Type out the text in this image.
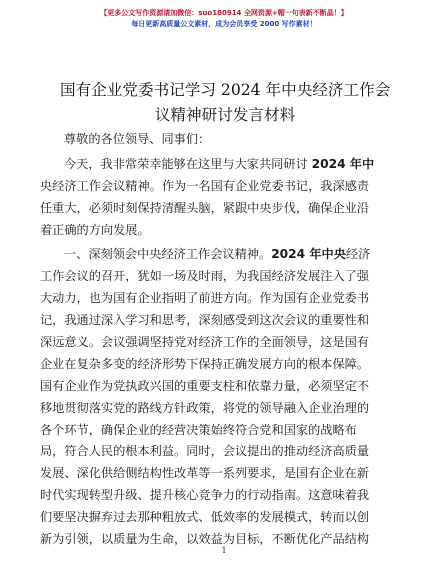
【更多公文写作资源请加微信：suo180914 全网资源+帽一句表新不断晶！】
每日更新高质量公文素材，成为会员享受 2000 写作素材！
国有企业党委书记学习 2024 年中央经济工作会
议精神研讨发言材料
尊敬的各位领导、同事们：
今天，我非常荣幸能够在这里与大家共同研讨 2024 年中
央经济工作会议精神。作为一名国有企业党委书记，我深感责
任重大，必须时刻保持清醒头脑，紧跟中央步伐，确保企业沿
着正确的方向发展。
一、深刻领会中央经济工作会议精神。2024 年中央经济
工作会议的召开，犹如一场及时雨，为我国经济发展注入了强
大动力，也为国有企业指明了前进方向。作为国有企业党委书
记，我通过深入学习和思考，深刻感受到这次会议的重要性和
深远意义。会议强调坚持党对经济工作的全面领导，这是国有
企业在复杂多变的经济形势下保持正确发展方向的根本保障。
国有企业作为党执政兴国的重要支柱和依靠力量，必须坚定不
移地贯彻落实党的路线方针政策，将党的领导融入企业治理的
各个环节，确保企业的经营决策始终符合党和国家的战略布
局，符合人民的根本利益。同时，会议提出的推动经济高质量
发展、深化供给侧结构性改革等一系列要求，是国有企业在新
时代实现转型升级、提升核心竞争力的行动指南。这意味着我
们要坚决摒弃过去那种粗放式、低效率的发展模式，转而以创
新为引领，以质量为生命，以效益为目标，不断优化产品结构
1
